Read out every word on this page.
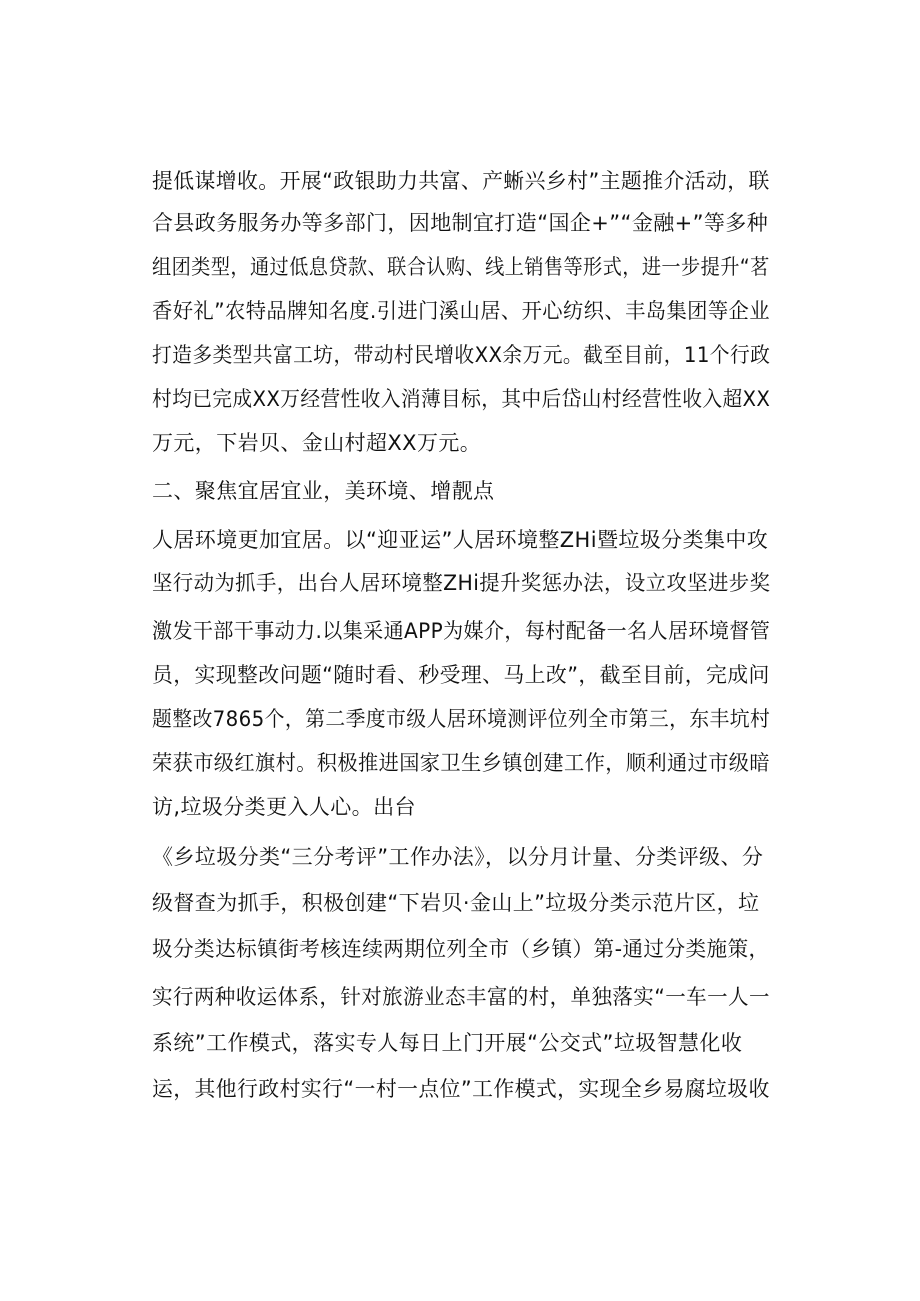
提低谋增收。开展“政银助力共富、产蜥兴乡村”主题推介活动，联
合县政务服务办等多部门，因地制宜打造“国企+”“金融+”等多种
组团类型，通过低息贷款、联合认购、线上销售等形式，进一步提升“茗
香好礼”农特品牌知名度.引进门溪山居、开心纺织、丰岛集团等企业
打造多类型共富工坊，带动村民增收XX余万元。截至目前，11个行政
村均已完成XX万经营性收入消薄目标，其中后岱山村经营性收入超XX
万元，下岩贝、金山村超XX万元。
二、聚焦宜居宜业，美环境、增靓点
人居环境更加宜居。以“迎亚运”人居环境整ZHi暨垃圾分类集中攻
坚行动为抓手，出台人居环境整ZHi提升奖惩办法，设立攻坚进步奖
激发干部干事动力.以集采通APP为媒介，每村配备一名人居环境督管
员，实现整改问题“随时看、秒受理、马上改”，截至目前，完成问
题整改7865个，第二季度市级人居环境测评位列全市第三，东丰坑村
荣获市级红旗村。积极推进国家卫生乡镇创建工作，顺利通过市级暗
访,垃圾分类更入人心。出台
《乡垃圾分类“三分考评”工作办法》，以分月计量、分类评级、分
级督查为抓手，积极创建“下岩贝·金山上”垃圾分类示范片区，垃
圾分类达标镇街考核连续两期位列全市（乡镇）第-通过分类施策，
实行两种收运体系，针对旅游业态丰富的村，单独落实“一车一人一
系统”工作模式，落实专人每日上门开展“公交式”垃圾智慧化收
运，其他行政村实行“一村一点位”工作模式，实现全乡易腐垃圾收
